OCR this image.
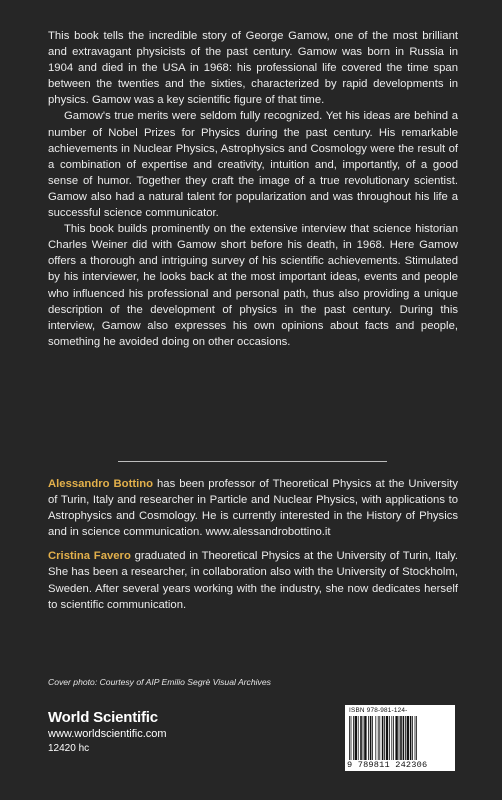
This book tells the incredible story of George Gamow, one of the most brilliant and extravagant physicists of the past century. Gamow was born in Russia in 1904 and died in the USA in 1968: his professional life covered the time span between the twenties and the sixties, characterized by rapid developments in physics. Gamow was a key scientific figure of that time.

Gamow's true merits were seldom fully recognized. Yet his ideas are behind a number of Nobel Prizes for Physics during the past century. His remarkable achievements in Nuclear Physics, Astrophysics and Cosmology were the result of a combination of expertise and creativity, intuition and, importantly, of a good sense of humor. Together they craft the image of a true revolutionary scientist. Gamow also had a natural talent for popularization and was throughout his life a successful science communicator.

This book builds prominently on the extensive interview that science historian Charles Weiner did with Gamow short before his death, in 1968. Here Gamow offers a thorough and intriguing survey of his scientific achievements. Stimulated by his interviewer, he looks back at the most important ideas, events and people who influenced his professional and personal path, thus also providing a unique description of the development of physics in the past century. During this interview, Gamow also expresses his own opinions about facts and people, something he avoided doing on other occasions.

Alessandro Bottino has been professor of Theoretical Physics at the University of Turin, Italy and researcher in Particle and Nuclear Physics, with applications to Astrophysics and Cosmology. He is currently interested in the History of Physics and in science communication. www.alessandrobottino.it

Cristina Favero graduated in Theoretical Physics at the University of Turin, Italy. She has been a researcher, in collaboration also with the University of Stockholm, Sweden. After several years working with the industry, she now dedicates herself to scientific communication.

Cover photo: Courtesy of AIP Emilio Segrè Visual Archives
World Scientific
www.worldscientific.com
12420 hc
ISBN 978-981-124-
9 789811 242306
